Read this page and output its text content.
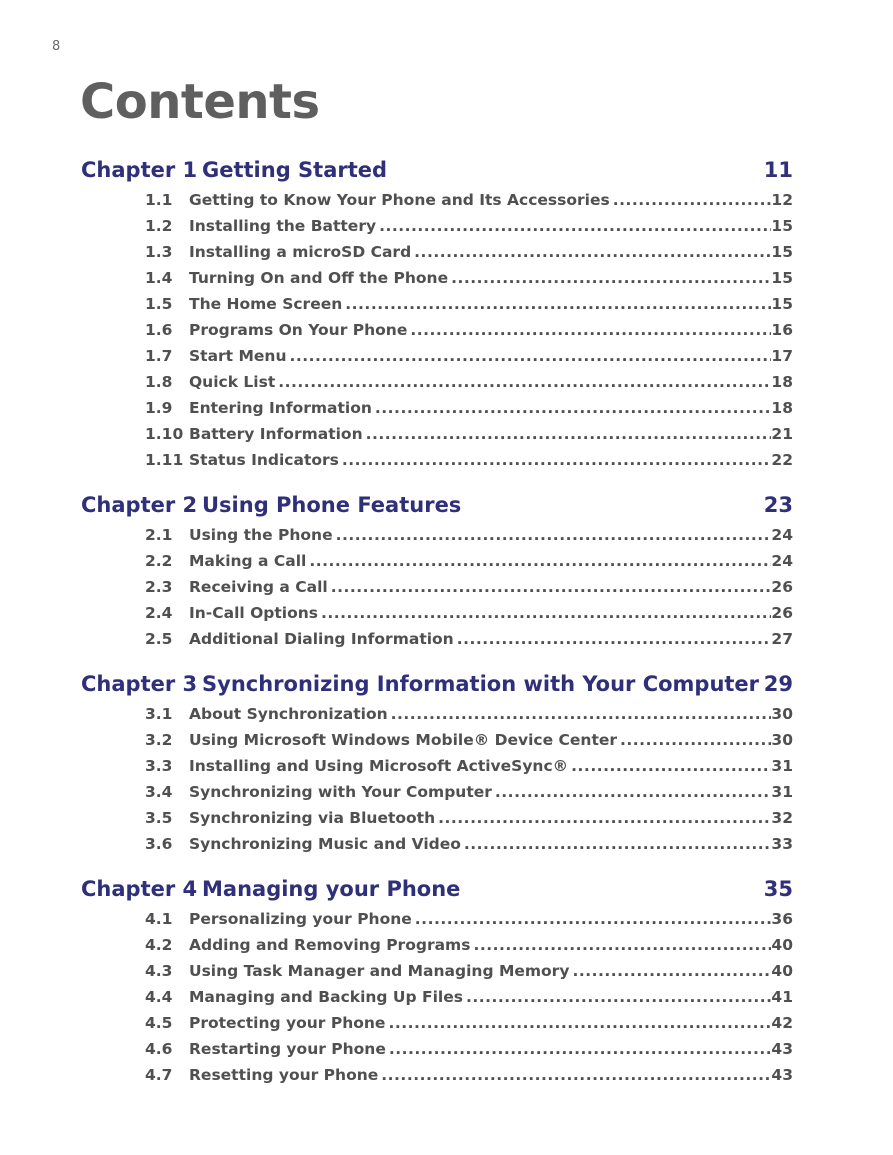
8
Contents
Chapter 1 Getting Started	11
1.1	Getting to Know Your Phone and Its Accessories .....	12
1.2	Installing the Battery .....	15
1.3	Installing a microSD Card .....	15
1.4	Turning On and Off the Phone .....	15
1.5	The Home Screen .....	15
1.6	Programs On Your Phone .....	16
1.7	Start Menu .....	17
1.8	Quick List .....	18
1.9	Entering Information .....	18
1.10 Battery Information .....	21
1.11 Status Indicators .....	22
Chapter 2 Using Phone Features	23
2.1	Using the Phone .....	24
2.2	Making a Call .....	24
2.3	Receiving a Call .....	26
2.4	In-Call Options .....	26
2.5	Additional Dialing Information .....	27
Chapter 3 Synchronizing Information with Your Computer 29
3.1	About Synchronization .....	30
3.2	Using Microsoft Windows Mobile® Device Center .....	30
3.3	Installing and Using Microsoft ActiveSync® .....	31
3.4	Synchronizing with Your Computer .....	31
3.5	Synchronizing via Bluetooth .....	32
3.6	Synchronizing Music and Video .....	33
Chapter 4 Managing your Phone	35
4.1	Personalizing your Phone .....	36
4.2	Adding and Removing Programs .....	40
4.3	Using Task Manager and Managing Memory .....	40
4.4	Managing and Backing Up Files .....	41
4.5	Protecting your Phone .....	42
4.6	Restarting your Phone .....	43
4.7	Resetting your Phone .....	43
